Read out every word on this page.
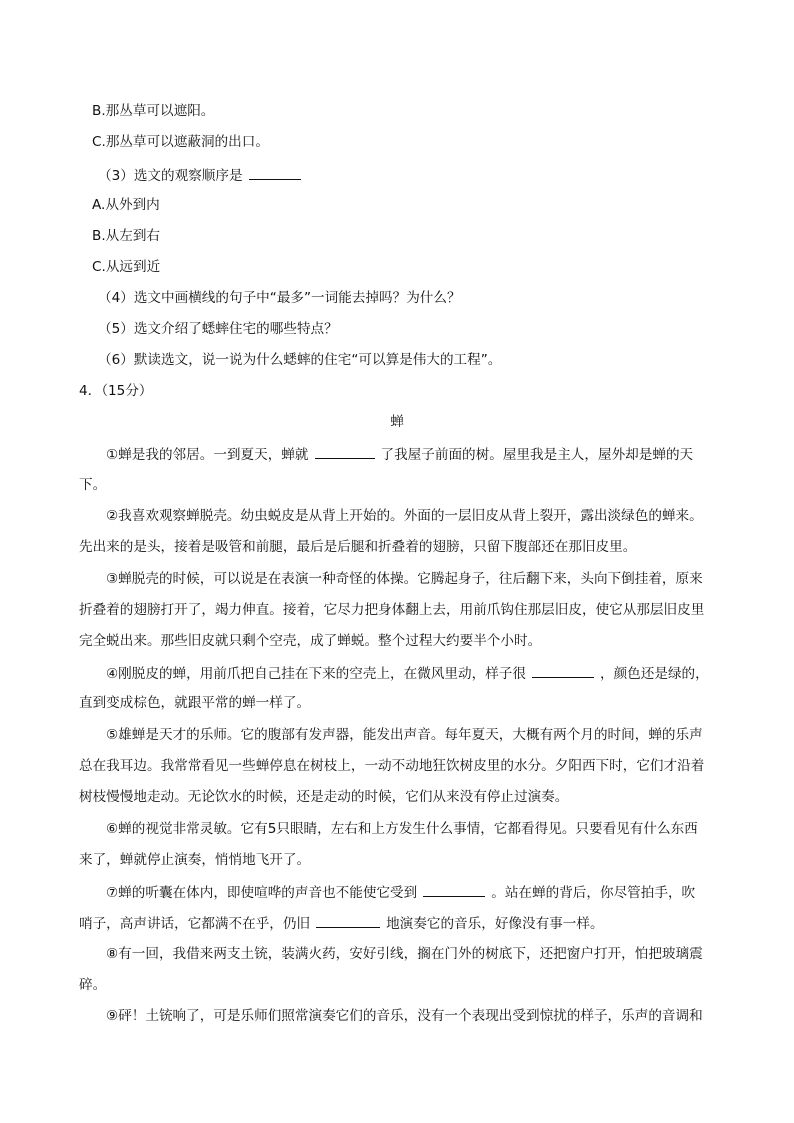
B.那丛草可以遮阳。
C.那丛草可以遮蔽洞的出口。
（3）选文的观察顺序是
A.从外到内
B.从左到右
C.从远到近
（4）选文中画横线的句子中“最多”一词能去掉吗？为什么？
（5）选文介绍了蟋蟀住宅的哪些特点？
（6）默读选文，说一说为什么蟋蟀的住宅“可以算是伟大的工程”。
4．（15分）
蝉
①蝉是我的邻居。一到夏天，蝉就	了我屋子前面的树。屋里我是主人，屋外却是蝉的天
下。
②我喜欢观察蝉脱壳。幼虫蜕皮是从背上开始的。外面的一层旧皮从背上裂开，露出淡绿色的蝉来。
先出来的是头，接着是吸管和前腿，最后是后腿和折叠着的翅膀，只留下腹部还在那旧皮里。
③蝉脱壳的时候，可以说是在表演一种奇怪的体操。它腾起身子，往后翻下来，头向下倒挂着，原来
折叠着的翅膀打开了，竭力伸直。接着，它尽力把身体翻上去，用前爪钩住那层旧皮，使它从那层旧皮里
完全蜕出来。那些旧皮就只剩个空壳，成了蝉蜕。整个过程大约要半个小时。
④刚脱皮的蝉，用前爪把自己挂在下来的空壳上，在微风里动，样子很	，颜色还是绿的，
直到变成棕色，就跟平常的蝉一样了。
⑤雄蝉是天才的乐师。它的腹部有发声器，能发出声音。每年夏天，大概有两个月的时间，蝉的乐声
总在我耳边。我常常看见一些蝉停息在树枝上，一动不动地狂饮树皮里的水分。夕阳西下时，它们才沿着
树枝慢慢地走动。无论饮水的时候，还是走动的时候，它们从来没有停止过演奏。
⑥蝉的视觉非常灵敏。它有5只眼睛，左右和上方发生什么事情，它都看得见。只要看见有什么东西
来了，蝉就停止演奏，悄悄地飞开了。
⑦蝉的听囊在体内，即使喧哗的声音也不能使它受到	。站在蝉的背后，你尽管拍手，吹
哨子，高声讲话，它都满不在乎，仍旧	地演奏它的音乐，好像没有事一样。
⑧有一回，我借来两支土铳，装满火药，安好引线，搁在门外的树底下，还把窗户打开，怕把玻璃震
碎。
⑨砰！土铳响了，可是乐师们照常演奏它们的音乐，没有一个表现出受到惊扰的样子，乐声的音调和
